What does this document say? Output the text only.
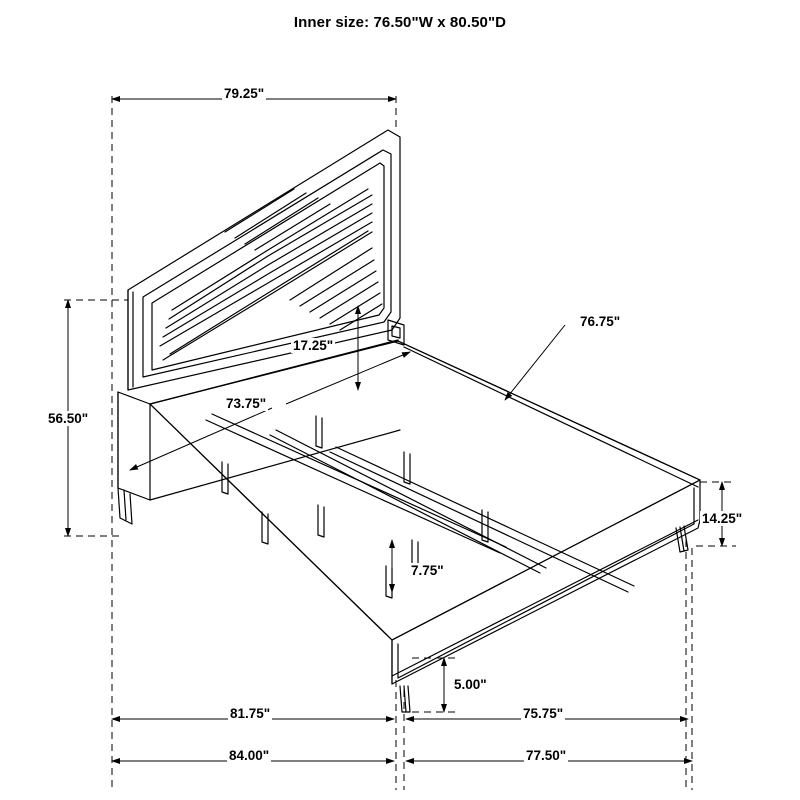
Inner size: 76.50"W x 80.50"D
79.25"
56.50"
76.75"
17.25"
73.75"
14.25"
7.75"
5.00"
81.75"	75.75"
84.00"	77.50"
